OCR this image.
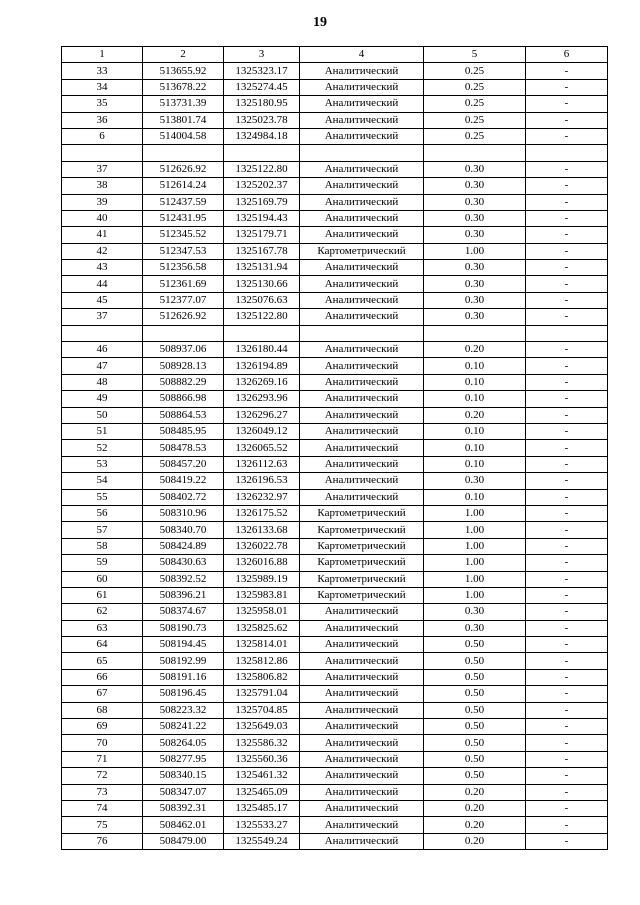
19
1	2	3	4	5	6
33	513655.92	1325323.17	Аналитический	0.25	-
34	513678.22	1325274.45	Аналитический	0.25	-
35	513731.39	1325180.95	Аналитический	0.25	-
36	513801.74	1325023.78	Аналитический	0.25	-
6	514004.58	1324984.18	Аналитический	0.25	-

37	512626.92	1325122.80	Аналитический	0.30	-
38	512614.24	1325202.37	Аналитический	0.30	-
39	512437.59	1325169.79	Аналитический	0.30	-
40	512431.95	1325194.43	Аналитический	0.30	-
41	512345.52	1325179.71	Аналитический	0.30	-
42	512347.53	1325167.78	Картометрический	1.00	-
43	512356.58	1325131.94	Аналитический	0.30	-
44	512361.69	1325130.66	Аналитический	0.30	-
45	512377.07	1325076.63	Аналитический	0.30	-
37	512626.92	1325122.80	Аналитический	0.30	-

46	508937.06	1326180.44	Аналитический	0.20	-
47	508928.13	1326194.89	Аналитический	0.10	-
48	508882.29	1326269.16	Аналитический	0.10	-
49	508866.98	1326293.96	Аналитический	0.10	-
50	508864.53	1326296.27	Аналитический	0.20	-
51	508485.95	1326049.12	Аналитический	0.10	-
52	508478.53	1326065.52	Аналитический	0.10	-
53	508457.20	1326112.63	Аналитический	0.10	-
54	508419.22	1326196.53	Аналитический	0.30	-
55	508402.72	1326232.97	Аналитический	0.10	-
56	508310.96	1326175.52	Картометрический	1.00	-
57	508340.70	1326133.68	Картометрический	1.00	-
58	508424.89	1326022.78	Картометрический	1.00	-
59	508430.63	1326016.88	Картометрический	1.00	-
60	508392.52	1325989.19	Картометрический	1.00	-
61	508396.21	1325983.81	Картометрический	1.00	-
62	508374.67	1325958.01	Аналитический	0.30	-
63	508190.73	1325825.62	Аналитический	0.30	-
64	508194.45	1325814.01	Аналитический	0.50	-
65	508192.99	1325812.86	Аналитический	0.50	-
66	508191.16	1325806.82	Аналитический	0.50	-
67	508196.45	1325791.04	Аналитический	0.50	-
68	508223.32	1325704.85	Аналитический	0.50	-
69	508241.22	1325649.03	Аналитический	0.50	-
70	508264.05	1325586.32	Аналитический	0.50	-
71	508277.95	1325560.36	Аналитический	0.50	-
72	508340.15	1325461.32	Аналитический	0.50	-
73	508347.07	1325465.09	Аналитический	0.20	-
74	508392.31	1325485.17	Аналитический	0.20	-
75	508462.01	1325533.27	Аналитический	0.20	-
76	508479.00	1325549.24	Аналитический	0.20	-
